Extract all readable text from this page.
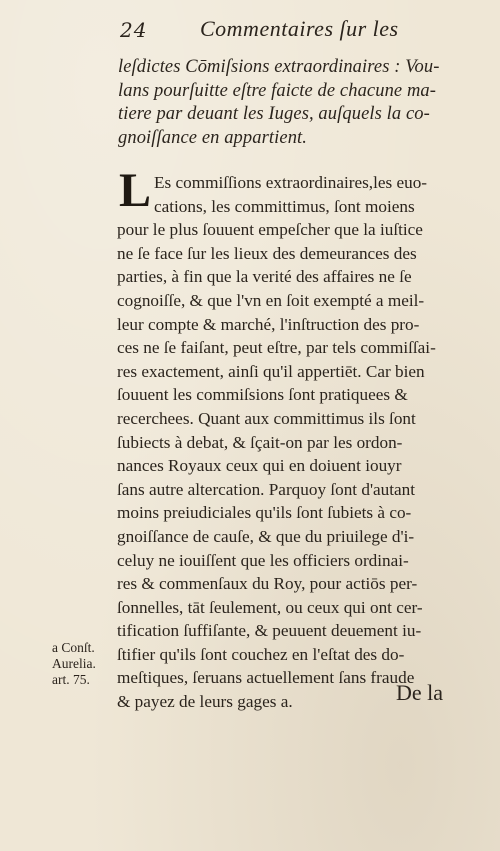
24 Commentaires ſur les
leſdictes Cōmiſsions extraordinaires : Vou-
lans pourſuitte eſtre faicte de chacune ma-
tiere par deuant les Iuges, auſquels la co-
gnoiſſance en appartient.
L Es commiſſions extraordinaires,les euo-
cations, les committimus, ſont moiens
pour le plus ſouuent empeſcher que la iuſtice
ne ſe face ſur les lieux des demeurances des
parties, à fin que la verité des affaires ne ſe
cognoiſſe, & que l'vn en ſoit exempté a meil-
leur compte & marché, l'inſtruction des pro-
ces ne ſe faiſant, peut eſtre, par tels commiſſai-
res exactement, ainſi qu'il appertiēt. Car bien
ſouuent les commiſsions ſont pratiquees &
recerchees. Quant aux committimus ils ſont
ſubiects à debat, & ſçait-on par les ordon-
nances Royaux ceux qui en doiuent iouyr
ſans autre altercation. Parquoy ſont d'autant
moins preiudiciales qu'ils ſont ſubiets à co-
gnoiſſance de cauſe, & que du priuilege d'i-
celuy ne iouiſſent que les officiers ordinai-
res & commenſaux du Roy, pour actiōs per-
ſonnelles, tāt ſeulement, ou ceux qui ont cer-
tification ſuffiſante, & peuuent deuement iu-
ſtifier qu'ils ſont couchez en l'eſtat des do-
meſtiques, ſeruans actuellement ſans fraude
& payez de leurs gages a.
a Conſt.
Aurelia.
art. 75.
De la
